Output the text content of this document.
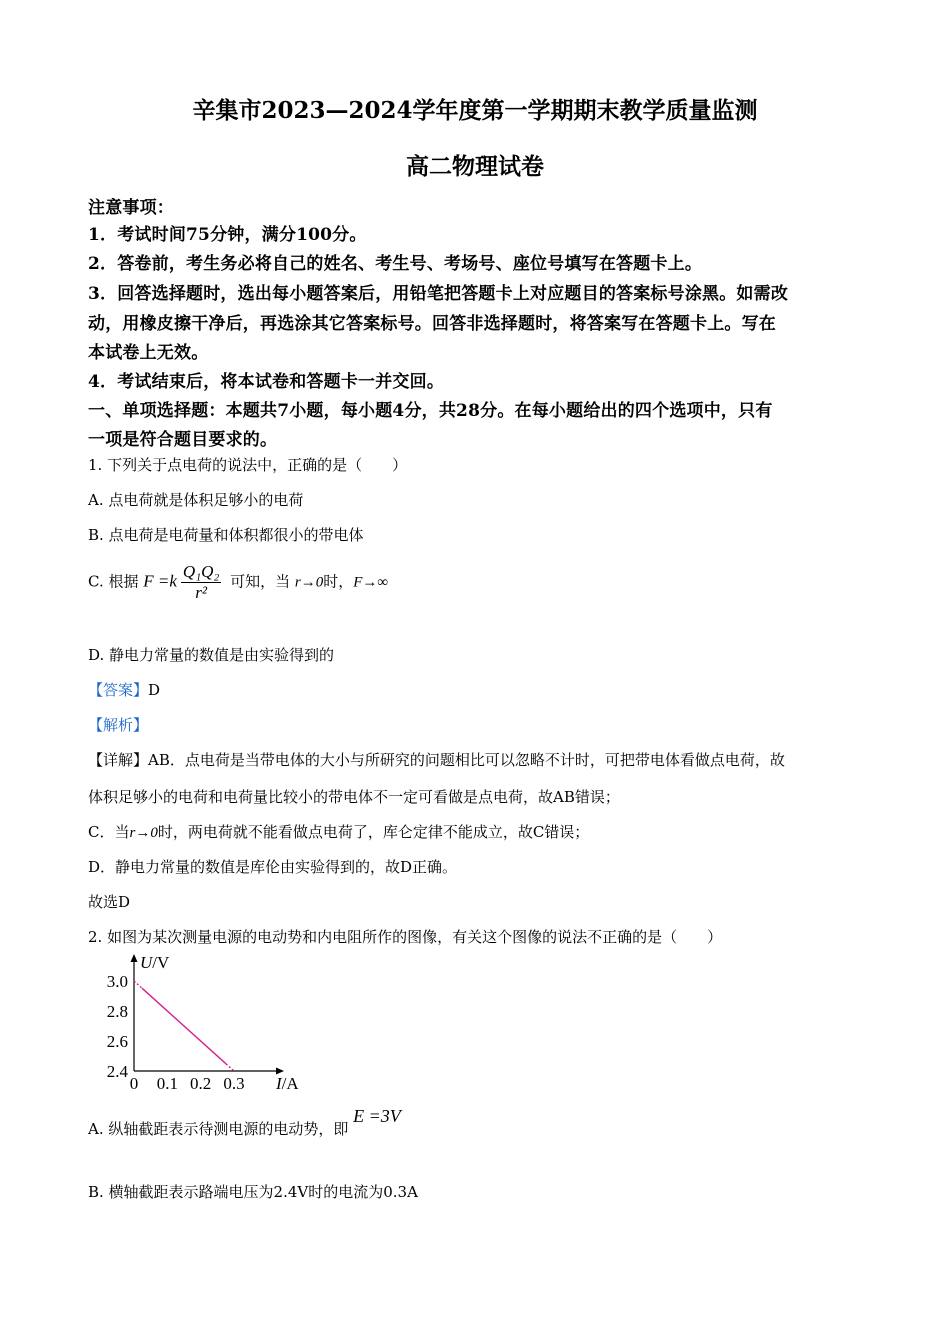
辛集市2023—2024学年度第一学期期末教学质量监测
高二物理试卷
注意事项：
1．考试时间75分钟，满分100分。
2．答卷前，考生务必将自己的姓名、考生号、考场号、座位号填写在答题卡上。
3．回答选择题时，选出每小题答案后，用铅笔把答题卡上对应题目的答案标号涂黑。如需改
动，用橡皮擦干净后，再选涂其它答案标号。回答非选择题时，将答案写在答题卡上。写在
本试卷上无效。
4．考试结束后，将本试卷和答题卡一并交回。
一、单项选择题：本题共7小题，每小题4分，共28分。在每小题给出的四个选项中，只有
一项是符合题目要求的。
1. 下列关于点电荷的说法中，正确的是（　　）
A. 点电荷就是体积足够小的电荷
B. 点电荷是电荷量和体积都很小的带电体
C. 根据 $F =k \frac{\text{Q₁Q₂}}{\text{r²}}$ 可知，当 r→0时，F→∞
D. 静电力常量的数值是由实验得到的
【答案】D
【解析】
【详解】AB．点电荷是当带电体的大小与所研究的问题相比可以忽略不计时，可把带电体看做点电荷，故
体积足够小的电荷和电荷量比较小的带电体不一定可看做是点电荷，故AB错误；
C．当r→0时，两电荷就不能看做点电荷了，库仑定律不能成立，故C错误；
D．静电力常量的数值是库伦由实验得到的，故D正确。
故选D
2. 如图为某次测量电源的电动势和内电阻所作的图像，有关这个图像的说法不正确的是（　　）
2.4
2.6
2.8
3.0
0 0.1 0.2 0.3 I/A
U/V
A. 纵轴截距表示待测电源的电动势，即 E =3V
B. 横轴截距表示路端电压为2.4V时的电流为0.3A
